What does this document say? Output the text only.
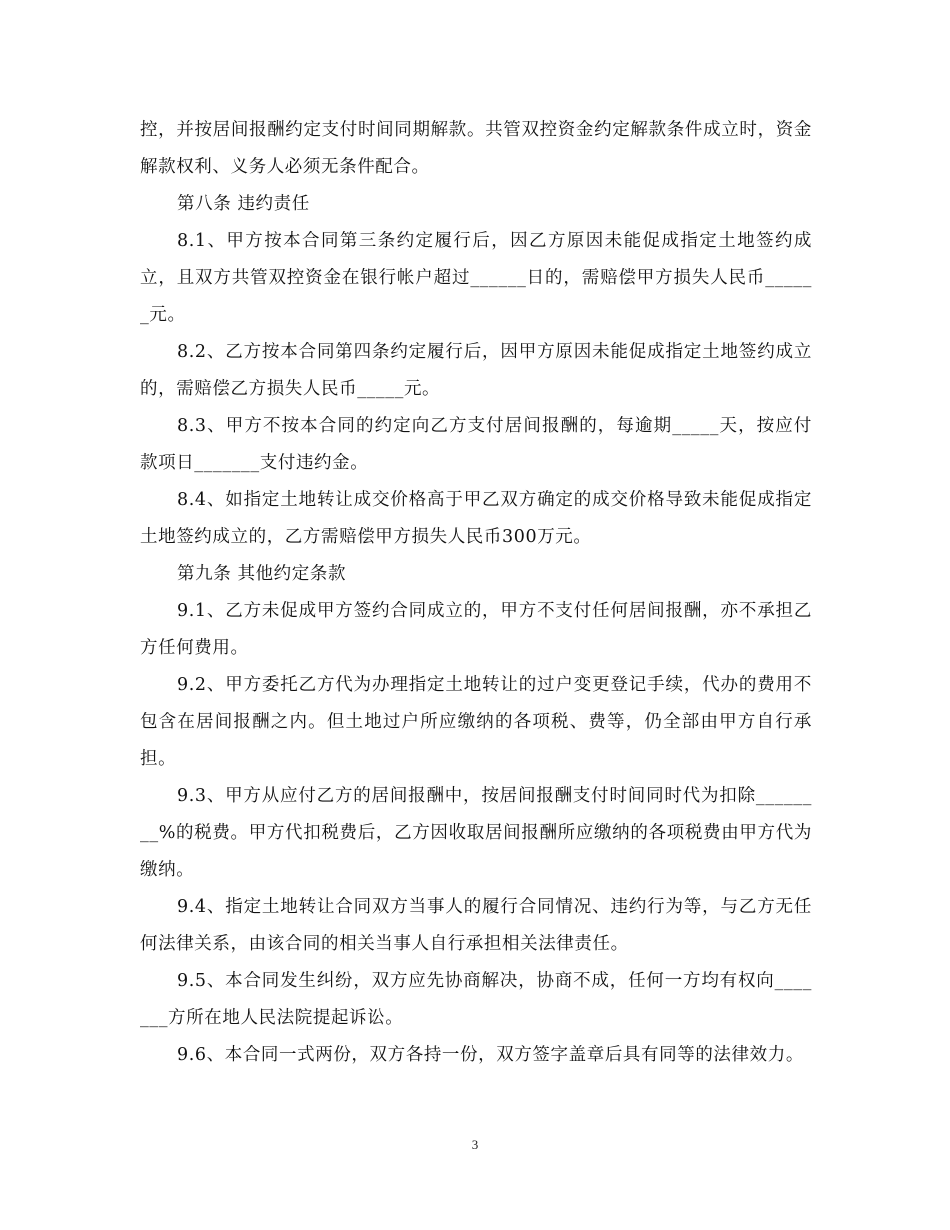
控，并按居间报酬约定支付时间同期解款。共管双控资金约定解款条件成立时，资金解款权利、义务人必须无条件配合。

第八条 违约责任

8.1、甲方按本合同第三条约定履行后，因乙方原因未能促成指定土地签约成立，且双方共管双控资金在银行帐户超过______日的，需赔偿甲方损失人民币______元。

8.2、乙方按本合同第四条约定履行后，因甲方原因未能促成指定土地签约成立的，需赔偿乙方损失人民币_____元。

8.3、甲方不按本合同的约定向乙方支付居间报酬的，每逾期_____天，按应付款项日_______支付违约金。

8.4、如指定土地转让成交价格高于甲乙双方确定的成交价格导致未能促成指定土地签约成立的，乙方需赔偿甲方损失人民币300万元。

第九条 其他约定条款

9.1、乙方未促成甲方签约合同成立的，甲方不支付任何居间报酬，亦不承担乙方任何费用。

9.2、甲方委托乙方代为办理指定土地转让的过户变更登记手续，代办的费用不包含在居间报酬之内。但土地过户所应缴纳的各项税、费等，仍全部由甲方自行承担。

9.3、甲方从应付乙方的居间报酬中，按居间报酬支付时间同时代为扣除________%的税费。甲方代扣税费后，乙方因收取居间报酬所应缴纳的各项税费由甲方代为缴纳。

9.4、指定土地转让合同双方当事人的履行合同情况、违约行为等，与乙方无任何法律关系，由该合同的相关当事人自行承担相关法律责任。

9.5、本合同发生纠纷，双方应先协商解决，协商不成，任何一方均有权向_______方所在地人民法院提起诉讼。

9.6、本合同一式两份，双方各持一份，双方签字盖章后具有同等的法律效力。

3
